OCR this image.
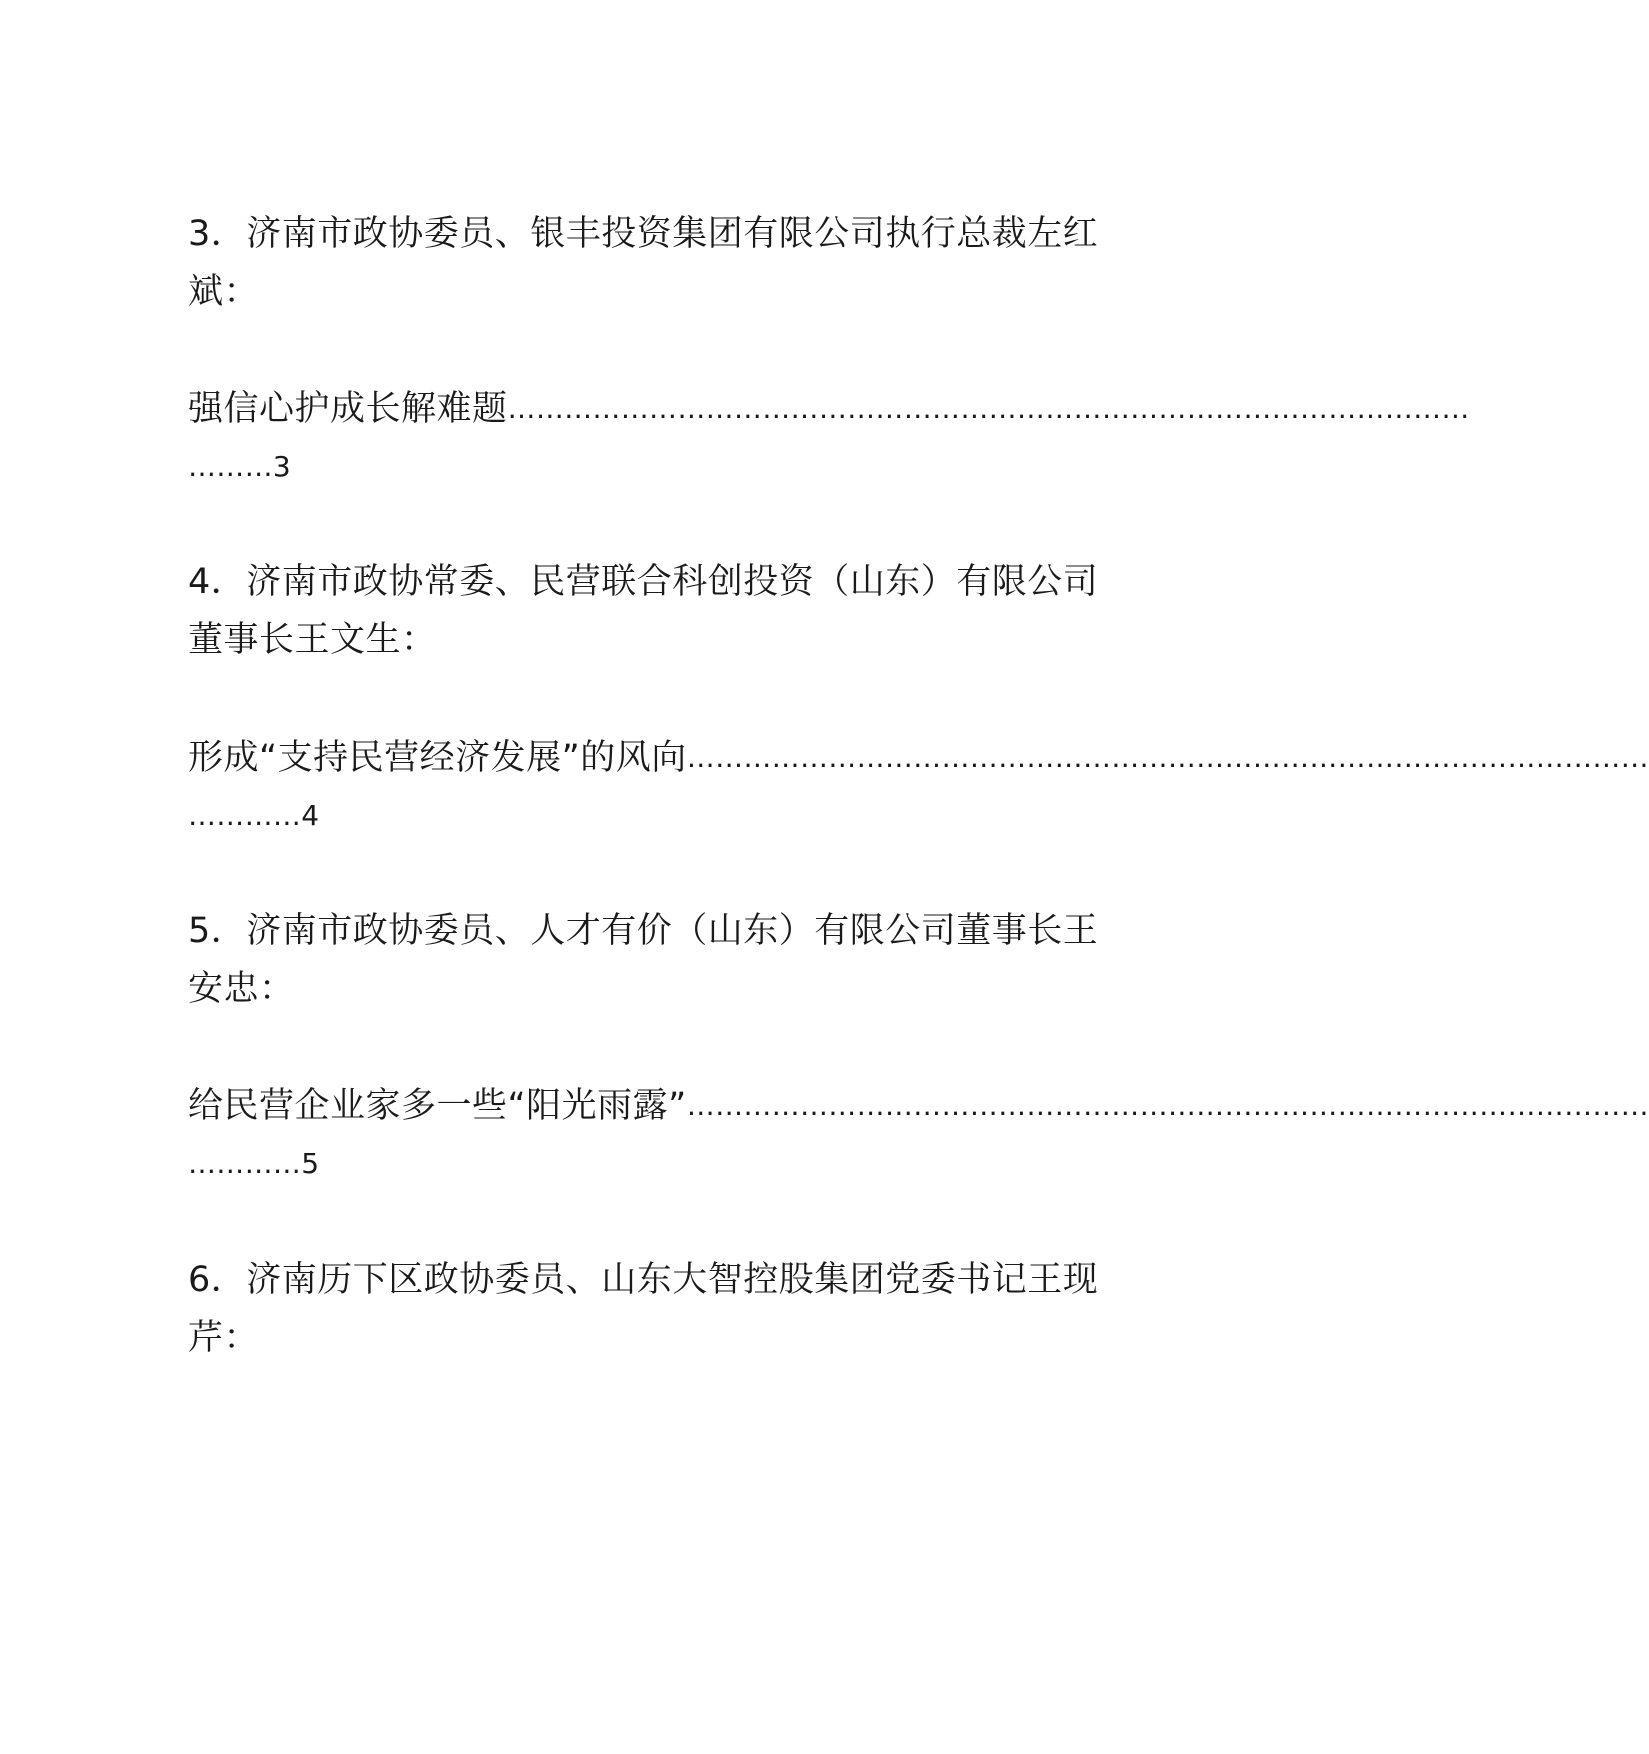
3．济南市政协委员、银丰投资集团有限公司执行总裁左红
斌：
强信心护成长解难题 …………………………………………………………………………………………
………3
4．济南市政协常委、民营联合科创投资（山东）有限公司
董事长王文生：
形成“支持民营经济发展”的风向 …………………………………………………………………………………………
…………4
5．济南市政协委员、人才有价（山东）有限公司董事长王
安忠：
给民营企业家多一些“阳光雨露” …………………………………………………………………………………………
…………5
6．济南历下区政协委员、山东大智控股集团党委书记王现
芹：
